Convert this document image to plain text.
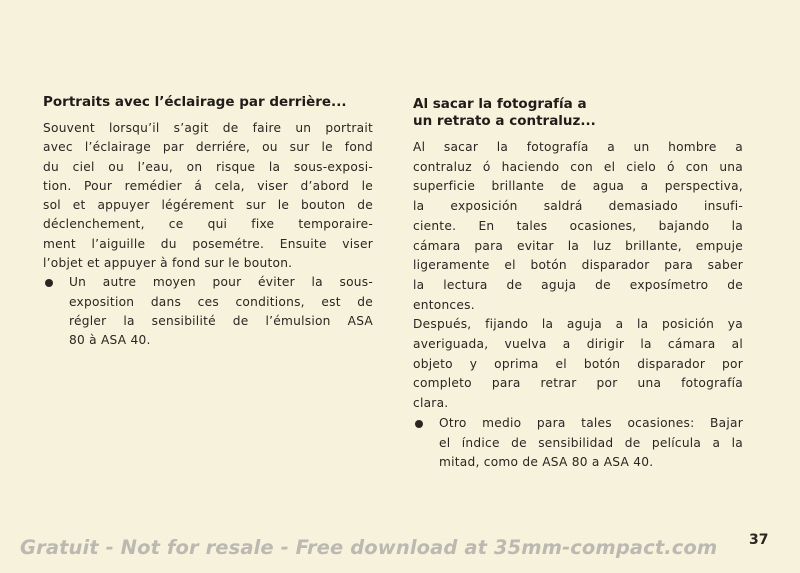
Portraits avec l’éclairage par derrière...
Souvent lorsqu’il s’agit de faire un portrait
avec l’éclairage par derriére, ou sur le fond
du ciel ou l’eau, on risque la sous-exposi-
tion. Pour remédier á cela, viser d’abord le
sol et appuyer légérement sur le bouton de
déclenchement, ce qui fixe temporaire-
ment l’aiguille du posemétre. Ensuite viser
l’objet et appuyer à fond sur le bouton.
Un autre moyen pour éviter la sous-
exposition dans ces conditions, est de
régler la sensibilité de l’émulsion ASA
80 à ASA 40.
Al sacar la fotografía a
un retrato a contraluz...
Al sacar la fotografía a un hombre a
contraluz ó haciendo con el cielo ó con una
superficie brillante de agua a perspectiva,
la exposición saldrá demasiado insufi-
ciente. En tales ocasiones, bajando la
cámara para evitar la luz brillante, empuje
ligeramente el botón disparador para saber
la lectura de aguja de exposímetro de
entonces.
Después, fijando la aguja a la posición ya
averiguada, vuelva a dirigir la cámara al
objeto y oprima el botón disparador por
completo para retrar por una fotografía
clara.
Otro medio para tales ocasiones: Bajar
el índice de sensibilidad de película a la
mitad, como de ASA 80 a ASA 40.
37
Gratuit - Not for resale - Free download at 35mm-compact.com
